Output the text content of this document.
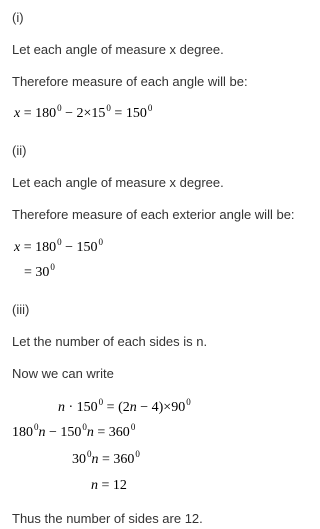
(i)
Let each angle of measure x degree.
Therefore measure of each angle will be:
$x = 180^0 - 2\times 15^0 = 150^0$
(ii)
Let each angle of measure x degree.
Therefore measure of each exterior angle will be:
$x = 180^0 - 150^0$
= $30^0$
(iii)
Let the number of each sides is n.
Now we can write
$n \cdot 150^0 = (2n - 4)\times 90^0$
$180^0n - 150^0n = 360^0$
$30^0n = 360^0$
n = 12
Thus the number of sides are 12.
